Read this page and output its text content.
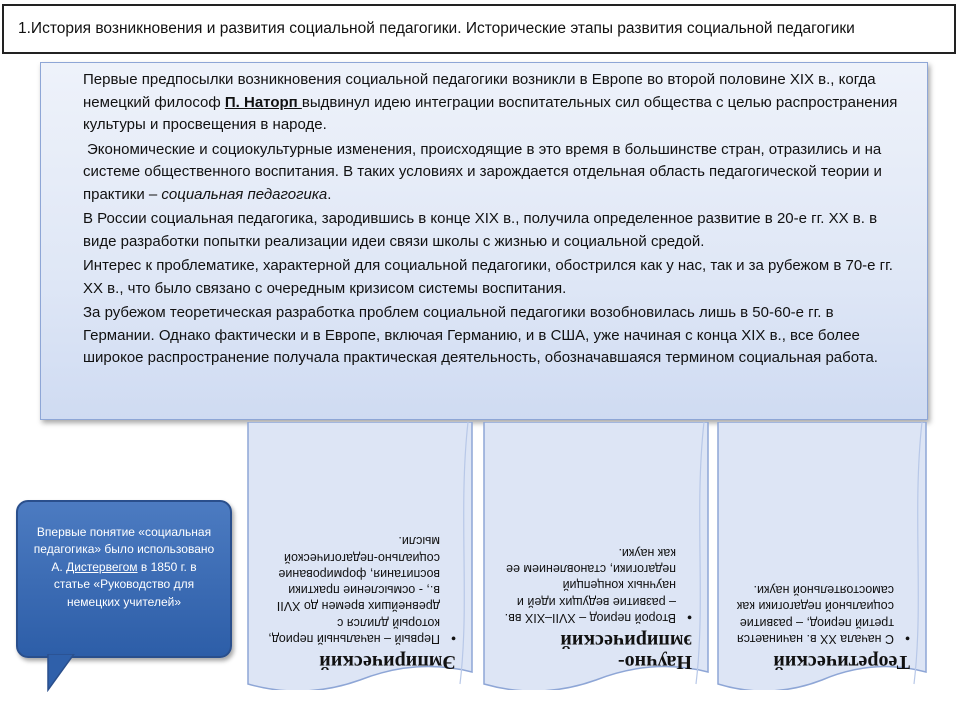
1.История возникновения и развития социальной педагогики. Исторические этапы развития социальной педагогики

Первые предпосылки возникновения социальной педагогики возникли в Европе во второй половине XIX в., когда немецкий философ П. Наторп выдвинул идею интеграции воспитательных сил общества с целью распространения культуры и просвещения в народе.

Экономические и социокультурные изменения, происходящие в это время в большинстве стран, отразились и на системе общественного воспитания. В таких условиях и зарождается отдельная область педагогической теории и практики – социальная педагогика.

В России социальная педагогика, зародившись в конце XIX в., получила определенное развитие в 20-е гг. XX в. в виде разработки попытки реализации идеи связи школы с жизнью и социальной средой.

Интерес к проблематике, характерной для социальной педагогики, обострился как у нас, так и за рубежом в 70-е гг. XX в., что было связано с очередным кризисом системы воспитания.

За рубежом теоретическая разработка проблем социальной педагогики возобновилась лишь в 50-60-е гг. в Германии. Однако фактически и в Европе, включая Германию, и в США, уже начиная с конца XIX в., все более широкое распространение получала практическая деятельность, обозначавшаяся термином социальная работа.

Эмпирический
•
Первый – начальный период, который длился с древнейших времен до XVII в., - осмысление практики воспитания, формирование социально-педагогической мысли.
Научно-эмпирический
•
Второй период – XVII–XIX вв. – развитие ведущих идей и научных концепций педагогики, становлением ее как науки.
Теоретический
•
С начала XX в. начинается третий период, – развитие социальной педагогики как самостоятельной науки.
Впервые понятие «социальная педагогика» было использовано А. Дистервегом в 1850 г. в статье «Руководство для немецких учителей»
